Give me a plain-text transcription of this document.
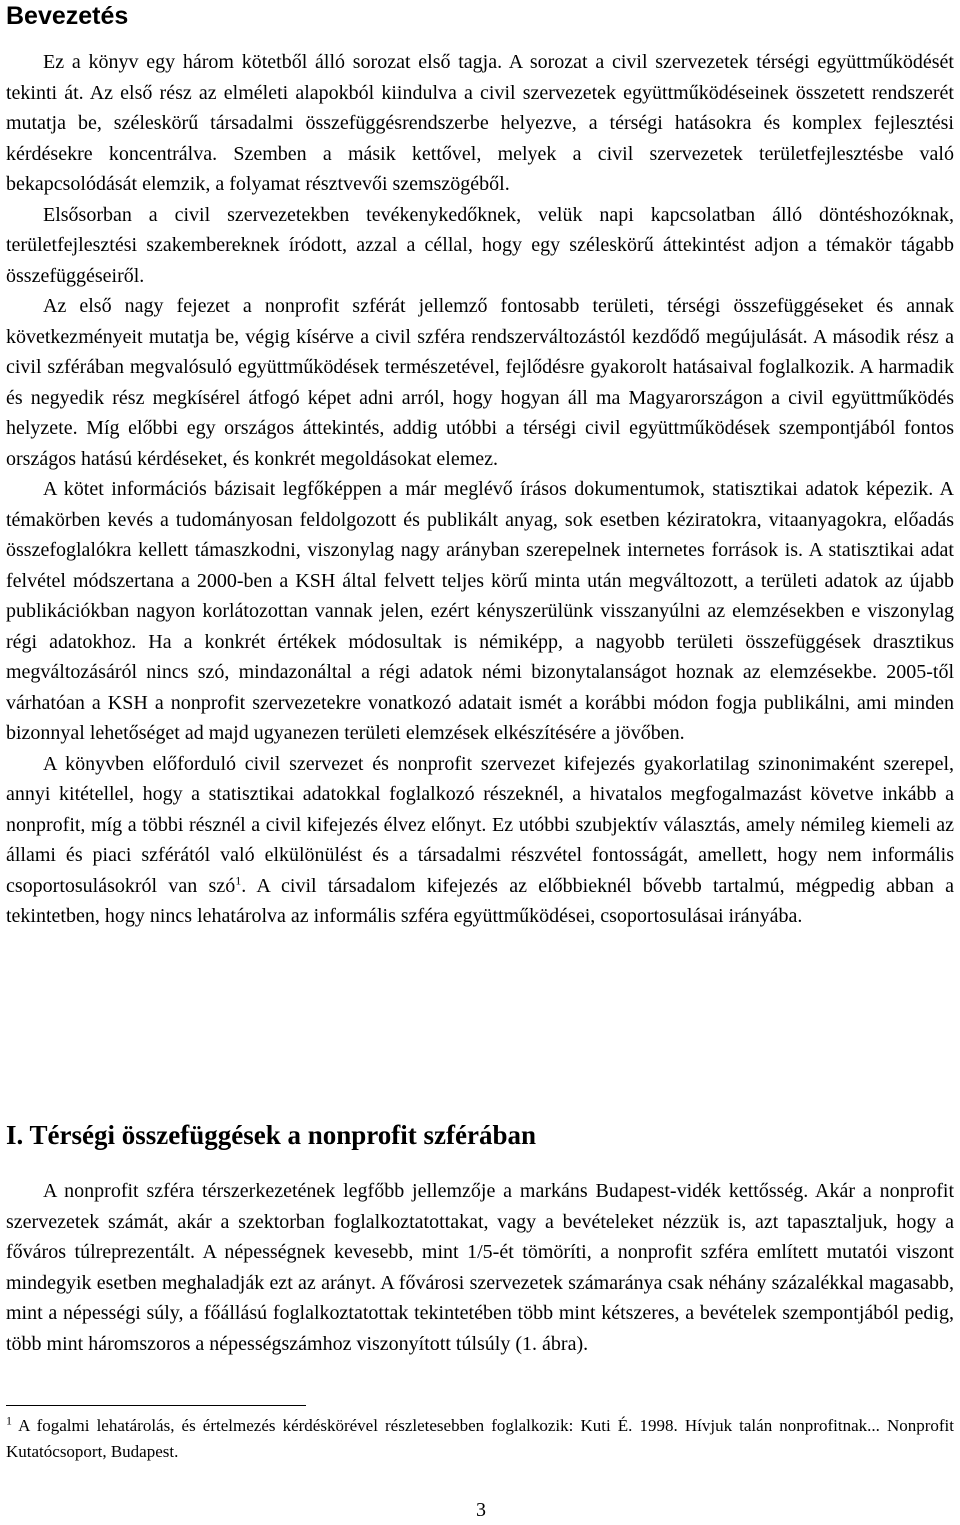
Bevezetés

Ez a könyv egy három kötetből álló sorozat első tagja. A sorozat a civil szervezetek térségi együttműködését tekinti át. Az első rész az elméleti alapokból kiindulva a civil szervezetek együttműködéseinek összetett rendszerét mutatja be, széleskörű társadalmi összefüggésrendszerbe helyezve, a térségi hatásokra és komplex fejlesztési kérdésekre koncentrálva. Szemben a másik kettővel, melyek a civil szervezetek területfejlesztésbe való bekapcsolódását elemzik, a folyamat résztvevői szemszögéből.

Elsősorban a civil szervezetekben tevékenykedőknek, velük napi kapcsolatban álló döntéshozóknak, területfejlesztési szakembereknek íródott, azzal a céllal, hogy egy széleskörű áttekintést adjon a témakör tágabb összefüggéseiről.

Az első nagy fejezet a nonprofit szférát jellemző fontosabb területi, térségi összefüggéseket és annak következményeit mutatja be, végig kísérve a civil szféra rendszerváltozástól kezdődő megújulását. A második rész a civil szférában megvalósuló együttműködések természetével, fejlődésre gyakorolt hatásaival foglalkozik. A harmadik és negyedik rész megkísérel átfogó képet adni arról, hogy hogyan áll ma Magyarországon a civil együttműködés helyzete. Míg előbbi egy országos áttekintés, addig utóbbi a térségi civil együttműködések szempontjából fontos országos hatású kérdéseket, és konkrét megoldásokat elemez.

A kötet információs bázisait legfőképpen a már meglévő írásos dokumentumok, statisztikai adatok képezik. A témakörben kevés a tudományosan feldolgozott és publikált anyag, sok esetben kéziratokra, vitaanyagokra, előadás összefoglalókra kellett támaszkodni, viszonylag nagy arányban szerepelnek internetes források is. A statisztikai adat felvétel módszertana a 2000-ben a KSH által felvett teljes körű minta után megváltozott, a területi adatok az újabb publikációkban nagyon korlátozottan vannak jelen, ezért kényszerülünk visszanyúlni az elemzésekben e viszonylag régi adatokhoz. Ha a konkrét értékek módosultak is némiképp, a nagyobb területi összefüggések drasztikus megváltozásáról nincs szó, mindazonáltal a régi adatok némi bizonytalanságot hoznak az elemzésekbe. 2005-től várhatóan a KSH a nonprofit szervezetekre vonatkozó adatait ismét a korábbi módon fogja publikálni, ami minden bizonnyal lehetőséget ad majd ugyanezen területi elemzések elkészítésére a jövőben.

A könyvben előforduló civil szervezet és nonprofit szervezet kifejezés gyakorlatilag szinonimaként szerepel, annyi kitétellel, hogy a statisztikai adatokkal foglalkozó részeknél, a hivatalos megfogalmazást követve inkább a nonprofit, míg a többi résznél a civil kifejezés élvez előnyt. Ez utóbbi szubjektív választás, amely némileg kiemeli az állami és piaci szférától való elkülönülést és a társadalmi részvétel fontosságát, amellett, hogy nem informális csoportosulásokról van szó$^1$. A civil társadalom kifejezés az előbbieknél bővebb tartalmú, mégpedig abban a tekintetben, hogy nincs lehatárolva az informális szféra együttműködései, csoportosulásai irányába.

I. Térségi összefüggések a nonprofit szférában

A nonprofit szféra térszerkezetének legfőbb jellemzője a markáns Budapest-vidék kettősség. Akár a nonprofit szervezetek számát, akár a szektorban foglalkoztatottakat, vagy a bevételeket nézzük is, azt tapasztaljuk, hogy a főváros túlreprezentált. A népességnek kevesebb, mint 1/5-ét tömöríti, a nonprofit szféra említett mutatói viszont mindegyik esetben meghaladják ezt az arányt. A fővárosi szervezetek számaránya csak néhány százalékkal magasabb, mint a népességi súly, a főállású foglalkoztatottak tekintetében több mint kétszeres, a bevételek szempontjából pedig, több mint háromszoros a népességszámhoz viszonyított túlsúly (1. ábra).

$^1$ A fogalmi lehatárolás, és értelmezés kérdéskörével részletesebben foglalkozik: Kuti É. 1998. Hívjuk talán nonprofitnak... Nonprofit Kutatócsoport, Budapest.

3
